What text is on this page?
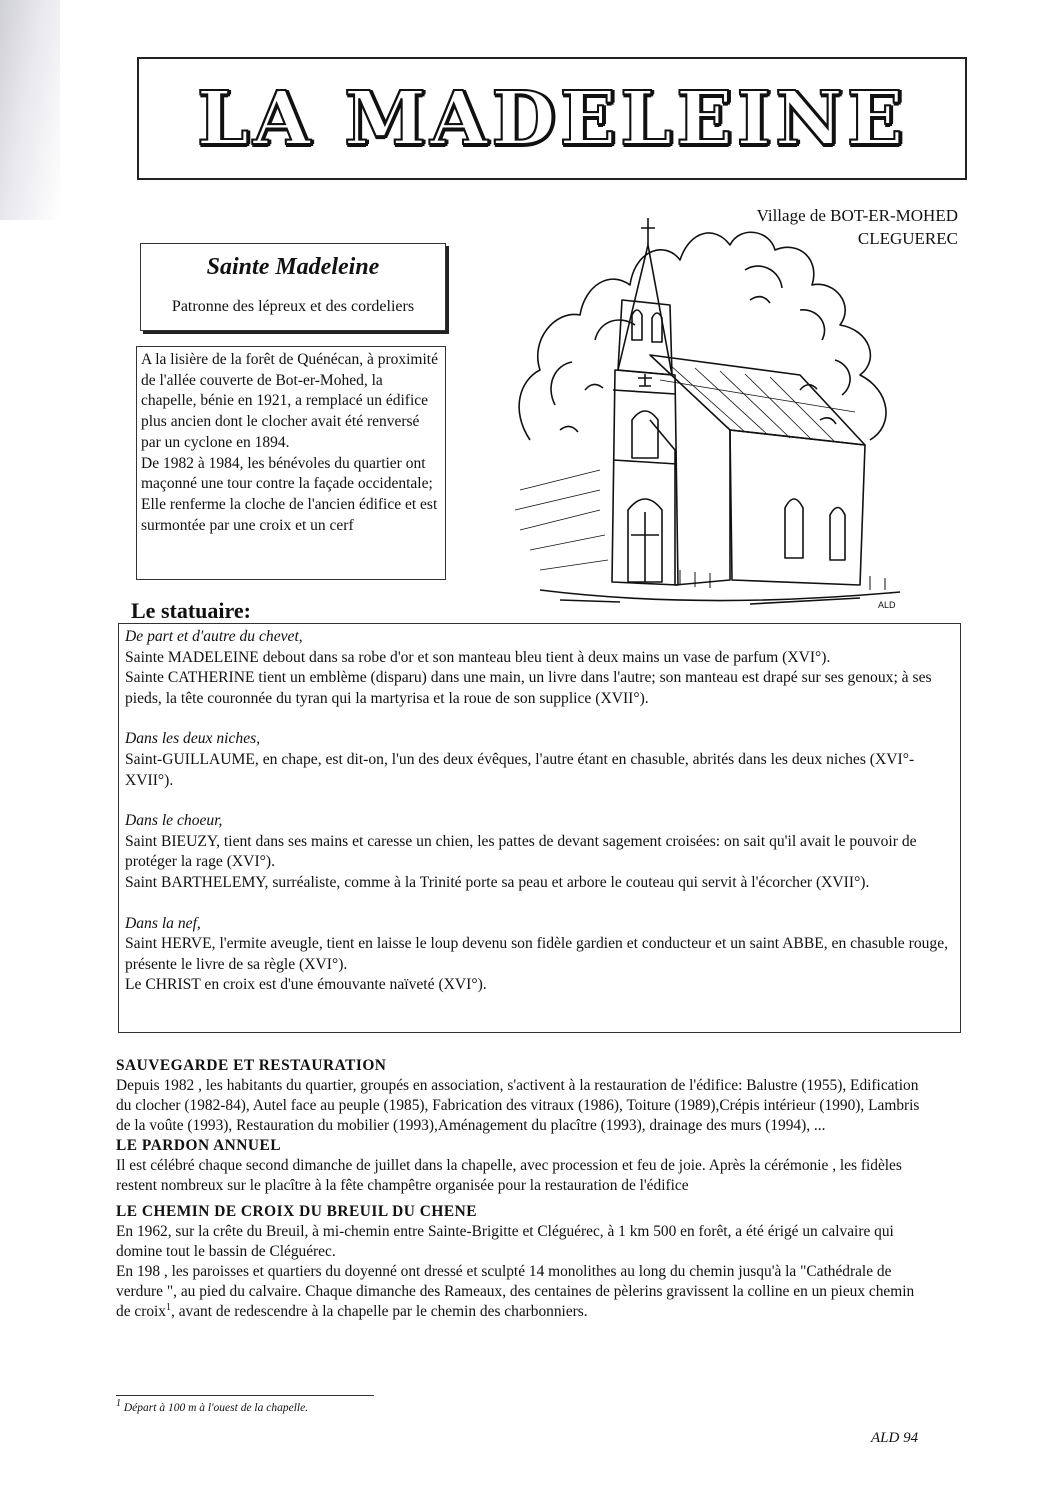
LA MADELEINE
Village de BOT-ER-MOHED
CLEGUEREC
Sainte Madeleine
Patronne des lépreux et des cordeliers

A la lisière de la forêt de Quénécan, à proximité de l'allée couverte de Bot-er-Mohed, la chapelle, bénie en 1921, a remplacé un édifice plus ancien dont le clocher avait été renversé par un cyclone en 1894.

De 1982 à 1984, les bénévoles du quartier ont maçonné une tour contre la façade occidentale; Elle renferme la cloche de l'ancien édifice et est surmontée par une croix et un cerf

ALD
Le statuaire:
De part et d'autre du chevet,
Sainte MADELEINE debout dans sa robe d'or et son manteau bleu tient à deux mains un vase de parfum (XVI°).
Sainte CATHERINE tient un emblème (disparu) dans une main, un livre dans l'autre; son manteau est drapé sur ses genoux; à ses pieds, la tête couronnée du tyran qui la martyrisa et la roue de son supplice (XVII°).
Dans les deux niches,
Saint-GUILLAUME, en chape, est dit-on, l'un des deux évêques, l'autre étant en chasuble, abrités dans les deux niches (XVI°-XVII°).
Dans le choeur,
Saint BIEUZY, tient dans ses mains et caresse un chien, les pattes de devant sagement croisées: on sait qu'il avait le pouvoir de protéger la rage (XVI°).
Saint BARTHELEMY, surréaliste, comme à la Trinité porte sa peau et arbore le couteau qui servit à l'écorcher (XVII°).
Dans la nef,
Saint HERVE, l'ermite aveugle, tient en laisse le loup devenu son fidèle gardien et conducteur et un saint ABBE, en chasuble rouge, présente le livre de sa règle (XVI°).
Le CHRIST en croix est d'une émouvante naïveté (XVI°).
SAUVEGARDE ET RESTAURATION

Depuis 1982 , les habitants du quartier, groupés en association, s'activent à la restauration de l'édifice: Balustre (1955), Edification du clocher (1982-84), Autel face au peuple (1985), Fabrication des vitraux (1986), Toiture (1989),Crépis intérieur (1990), Lambris de la voûte (1993), Restauration du mobilier (1993),Aménagement du placître (1993), drainage des murs (1994), ...

LE PARDON ANNUEL

Il est célébré chaque second dimanche de juillet dans la chapelle, avec procession et feu de joie. Après la cérémonie , les fidèles restent nombreux sur le placître à la fête champêtre organisée pour la restauration de l'édifice

LE CHEMIN DE CROIX DU BREUIL DU CHENE

En 1962, sur la crête du Breuil, à mi-chemin entre Sainte-Brigitte et Cléguérec, à 1 km 500 en forêt, a été érigé un calvaire qui domine tout le bassin de Cléguérec.

En 198 , les paroisses et quartiers du doyenné ont dressé et sculpté 14 monolithes au long du chemin jusqu'à la "Cathédrale de verdure ", au pied du calvaire. Chaque dimanche des Rameaux, des centaines de pèlerins gravissent la colline en un pieux chemin de croix$^1$, avant de redescendre à la chapelle par le chemin des charbonniers.

$^1$ Départ à 100 m à l'ouest de la chapelle.
ALD 94
